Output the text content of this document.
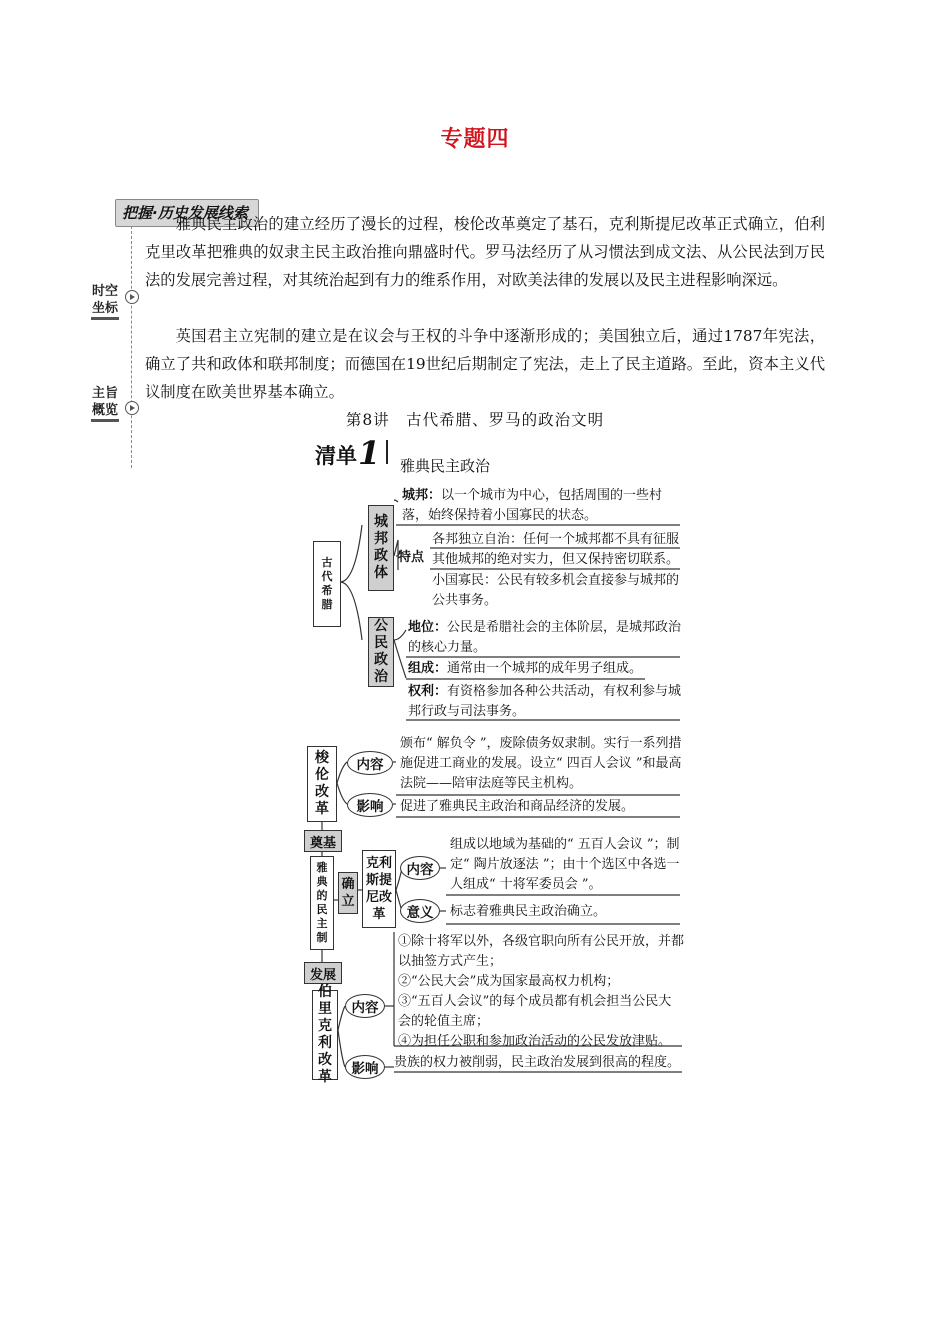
专题四
把握·历史发展线索
时空坐标
主旨概览
雅典民主政治的建立经历了漫长的过程，梭伦改革奠定了基石，克利斯提尼改革正式确立，伯利克里改革把雅典的奴隶主民主政治推向鼎盛时代。罗马法经历了从习惯法到成文法、从公民法到万民法的发展完善过程，对其统治起到有力的维系作用，对欧美法律的发展以及民主进程影响深远。
英国君主立宪制的建立是在议会与王权的斗争中逐渐形成的；美国独立后，通过1787年宪法，确立了共和政体和联邦制度；而德国在19世纪后期制定了宪法，走上了民主道路。至此，资本主义代议制度在欧美世界基本确立。
第8讲　古代希腊、罗马的政治文明
清单 1 雅典民主政治
古代希腊
城邦政体
公民政治
城邦：以一个城市为中心，包括周围的一些村落，始终保持着小国寡民的状态。
特点
各邦独立自治：任何一个城邦都不具有征服其他城邦的绝对实力，但又保持密切联系。
小国寡民：公民有较多机会直接参与城邦的公共事务。
地位：公民是希腊社会的主体阶层，是城邦政治的核心力量。
组成：通常由一个城邦的成年男子组成。
权利：有资格参加各种公共活动，有权利参与城邦行政与司法事务。
梭伦改革
内容
影响
颁布“ 解负令 ”，废除债务奴隶制。实行一系列措施促进工商业的发展。设立“ 四百人会议 ”和最高法院——陪审法庭等民主机构。
促进了雅典民主政治和商品经济的发展。
奠基
雅典的民主制
确立
克利斯提尼改革
内容
意义
组成以地域为基础的“ 五百人会议 ”；制定“ 陶片放逐法 ”；由十个选区中各选一人组成“ 十将军委员会 ”。
标志着雅典民主政治确立。
发展
伯里克利改革
内容
影响
①除十将军以外，各级官职向所有公民开放，并都以抽签方式产生；
②“公民大会”成为国家最高权力机构；
③“五百人会议”的每个成员都有机会担当公民大会的轮值主席；
④为担任公职和参加政治活动的公民发放津贴。
贵族的权力被削弱，民主政治发展到很高的程度。
